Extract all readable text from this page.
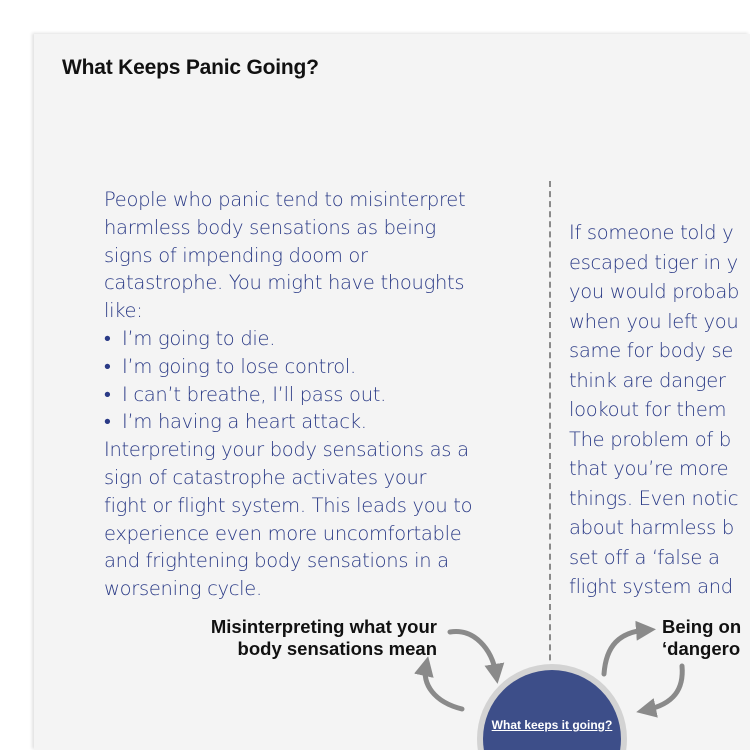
What Keeps Panic Going?

People who panic tend to misinterpret
harmless body sensations as being
signs of impending doom or
catastrophe. You might have thoughts
like:

• I’m going to die.
• I’m going to lose control.
• I can’t breathe, I’ll pass out.
• I’m having a heart attack.

Interpreting your body sensations as a
sign of catastrophe activates your
fight or flight system. This leads you to
experience even more uncomfortable
and frightening body sensations in a
worsening cycle.

If someone told y
escaped tiger in y
you would probab
when you left you
same for body se
think are danger
lookout for them
The problem of b
that you’re more
things. Even notic
about harmless b
set off a ‘false a
flight system and
Misinterpreting what your
body sensations mean
Being on
‘dangero
What keeps it going?
